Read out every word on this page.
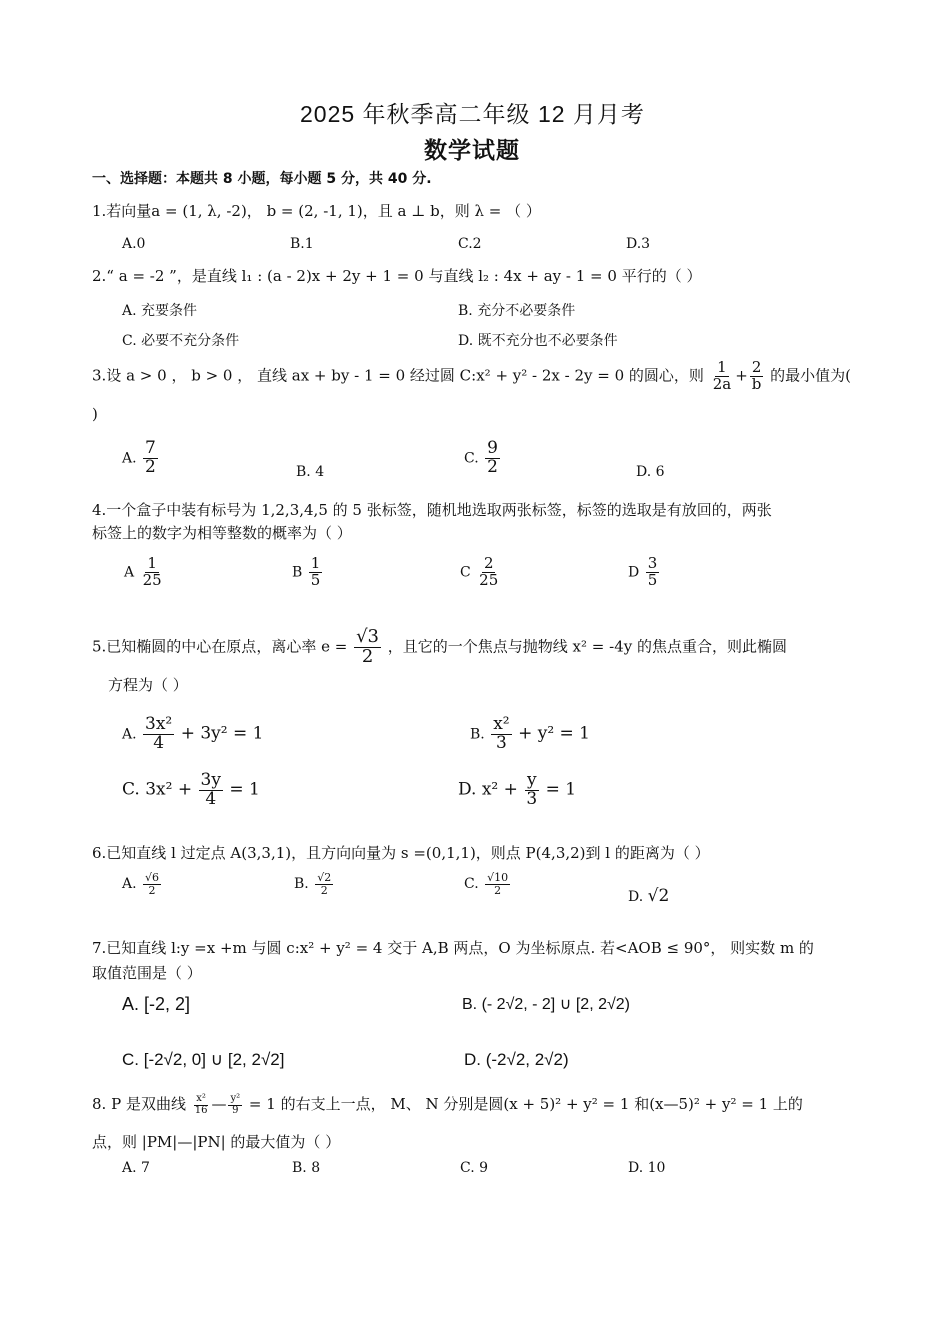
2025 年秋季高二年级 12 月月考
数学试题
一、选择题：本题共 8 小题，每小题 5 分，共 40 分.
1.若向量a = (1, λ, -2)， b = (2, -1, 1)，且 a ⊥ b，则 λ = （ ）
A.0	B.1	C.2	D.3
2.“ a = -2 ”，是直线 l₁ : (a - 2)x + 2y + 1 = 0 与直线 l₂ : 4x + ay - 1 = 0 平行的（ ）
A. 充要条件	B. 充分不必要条件
C. 必要不充分条件	D. 既不充分也不必要条件
3.设 a > 0 ， b > 0 ， 直线 ax + by - 1 = 0 经过圆 C:x² + y² - 2x - 2y = 0 的圆心，则 $\frac{1}{2a} + \frac{2}{b}$ 的最小值为(
)
A. $\frac{7}{2}$	B. 4
C. $\frac{9}{2}$	D. 6
4.一个盒子中装有标号为 1,2,3,4,5 的 5 张标签，随机地选取两张标签，标签的选取是有放回的，两张
标签上的数字为相等整数的概率为（ ）
A $\frac{1}{25}$	B $\frac{1}{5}$	C $\frac{2}{25}$	D $\frac{3}{5}$
5.已知椭圆的中心在原点，离心率 $e = \frac{√3}{2}$ ，且它的一个焦点与抛物线 x² = -4y 的焦点重合，则此椭圆
方程为（ ）
A. $\frac{\text{3x²}}{4} + 3y^2 = 1$	B. $\frac{\text{x²}}{3} + y^2 = 1$
C. $3x^2 + \frac{3y}{4} = 1$	D. $x^2 + \frac{y}{3} = 1$
6.已知直线 l 过定点 A(3,3,1)，且方向向量为 s =(0,1,1)，则点 P(4,3,2)到 l 的距离为（ ）
A. $\frac{√6}{2}$	B. $\frac{√2}{2}$	C. $\frac{√10}{2}$
D. √2
7.已知直线 l:y =x +m 与圆 c:x² + y² = 4 交于 A,B 两点，O 为坐标原点. 若<AOB ≤ 90°， 则实数 m 的
取值范围是（ ）
A. [-2, 2]	B. (- 2√2, - 2] ∪ [2, 2√2)
C. [-2√2, 0] ∪ [2, 2√2]	D. (-2√2, 2√2)
8. P 是双曲线 $\frac{\text{x²}}{16}$ — $\frac{\text{y²}}{9} = 1$ 的右支上一点， M、 N 分别是圆(x + 5)² + y² = 1 和(x—5)² + y² = 1 上的
点，则 |PM|—|PN| 的最大值为（ ）
A. 7	B. 8	C. 9	D. 10
